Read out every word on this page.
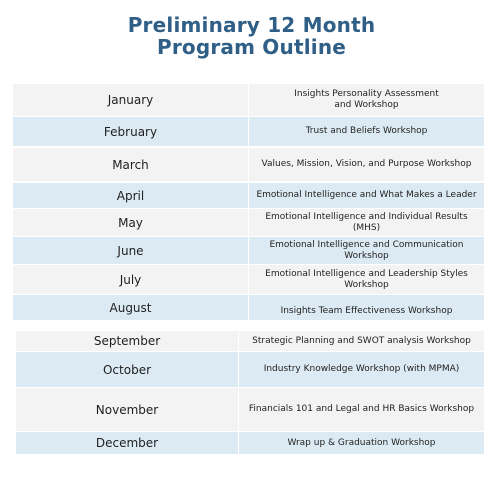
Preliminary 12 Month
Program Outline
January	Insights Personality Assessment
and Workshop
February	Trust and Beliefs Workshop
March	Values, Mission, Vision, and Purpose Workshop
April	Emotional Intelligence and What Makes a Leader
May	Emotional Intelligence and Individual Results
(MHS)
June	Emotional Intelligence and Communication
Workshop
July	Emotional Intelligence and Leadership Styles
Workshop
August	Insights Team Effectiveness Workshop
September	Strategic Planning and SWOT analysis Workshop
October	Industry Knowledge Workshop (with MPMA)
November	Financials 101 and Legal and HR Basics Workshop
December	Wrap up & Graduation Workshop
